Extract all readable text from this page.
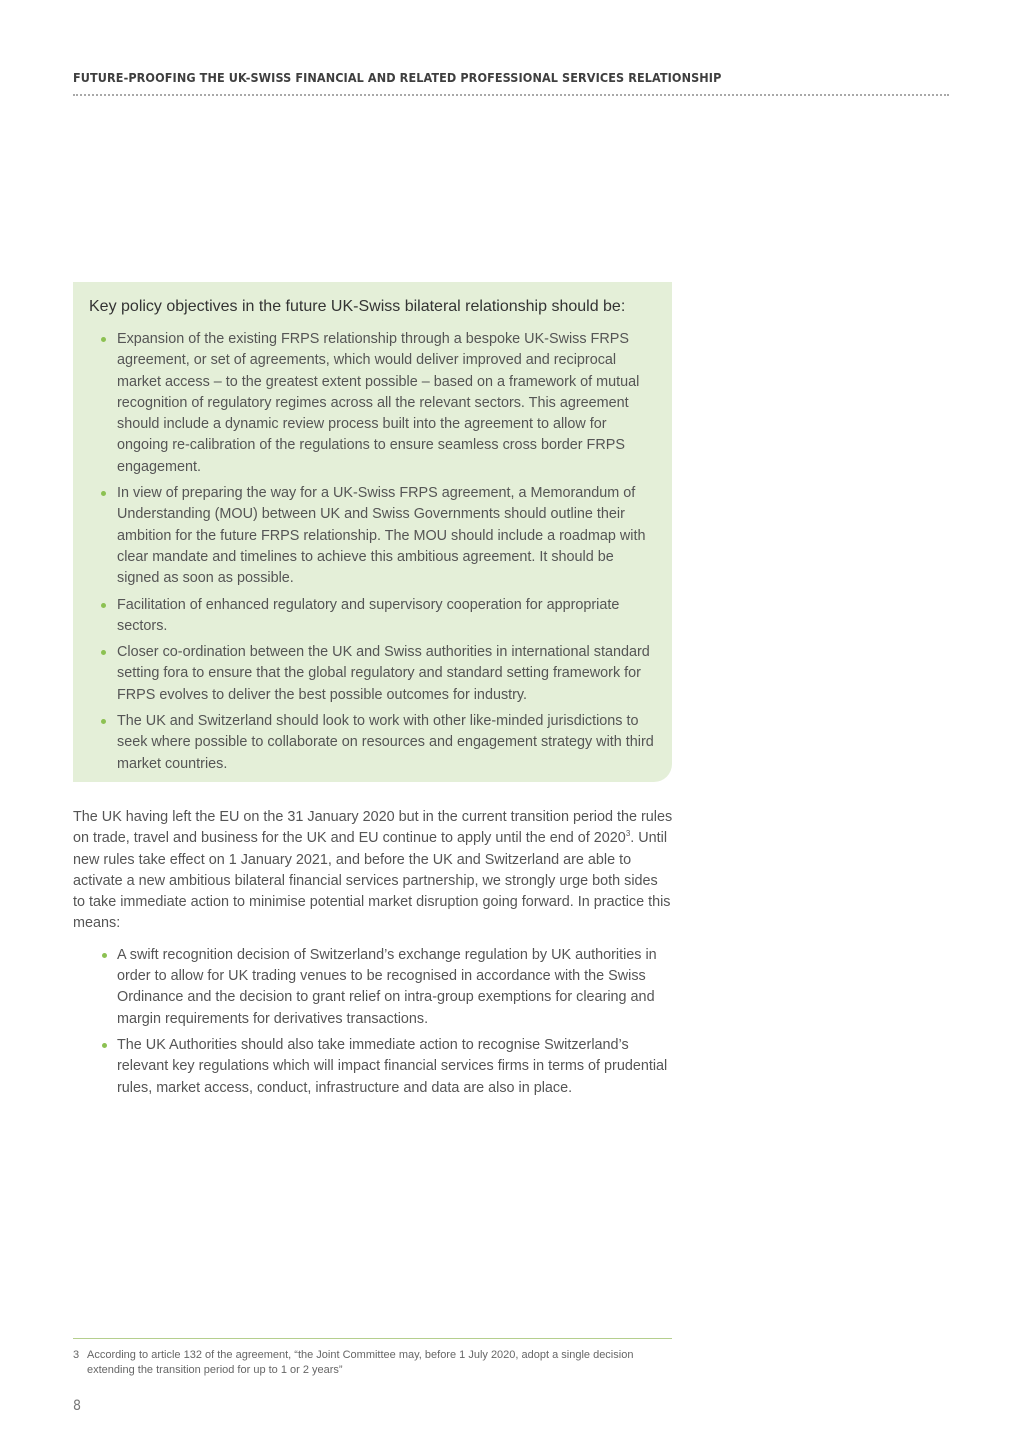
FUTURE-PROOFING THE UK-SWISS FINANCIAL AND RELATED PROFESSIONAL SERVICES RELATIONSHIP
Key policy objectives in the future UK-Swiss bilateral relationship should be:
Expansion of the existing FRPS relationship through a bespoke UK-Swiss FRPS agreement, or set of agreements, which would deliver improved and reciprocal market access – to the greatest extent possible – based on a framework of mutual recognition of regulatory regimes across all the relevant sectors. This agreement should include a dynamic review process built into the agreement to allow for ongoing re-calibration of the regulations to ensure seamless cross border FRPS engagement.
In view of preparing the way for a UK-Swiss FRPS agreement, a Memorandum of Understanding (MOU) between UK and Swiss Governments should outline their ambition for the future FRPS relationship. The MOU should include a roadmap with clear mandate and timelines to achieve this ambitious agreement. It should be signed as soon as possible.
Facilitation of enhanced regulatory and supervisory cooperation for appropriate sectors.
Closer co-ordination between the UK and Swiss authorities in international standard setting fora to ensure that the global regulatory and standard setting framework for FRPS evolves to deliver the best possible outcomes for industry.
The UK and Switzerland should look to work with other like-minded jurisdictions to seek where possible to collaborate on resources and engagement strategy with third market countries.

The UK having left the EU on the 31 January 2020 but in the current transition period the rules on trade, travel and business for the UK and EU continue to apply until the end of 2020$^3$. Until new rules take effect on 1 January 2021, and before the UK and Switzerland are able to activate a new ambitious bilateral financial services partnership, we strongly urge both sides to take immediate action to minimise potential market disruption going forward. In practice this means:

A swift recognition decision of Switzerland’s exchange regulation by UK authorities in order to allow for UK trading venues to be recognised in accordance with the Swiss Ordinance and the decision to grant relief on intra-group exemptions for clearing and margin requirements for derivatives transactions.
The UK Authorities should also take immediate action to recognise Switzerland’s relevant key regulations which will impact financial services firms in terms of prudential rules, market access, conduct, infrastructure and data are also in place.
3 According to article 132 of the agreement, “the Joint Committee may, before 1 July 2020, adopt a single decision
extending the transition period for up to 1 or 2 years”
8
